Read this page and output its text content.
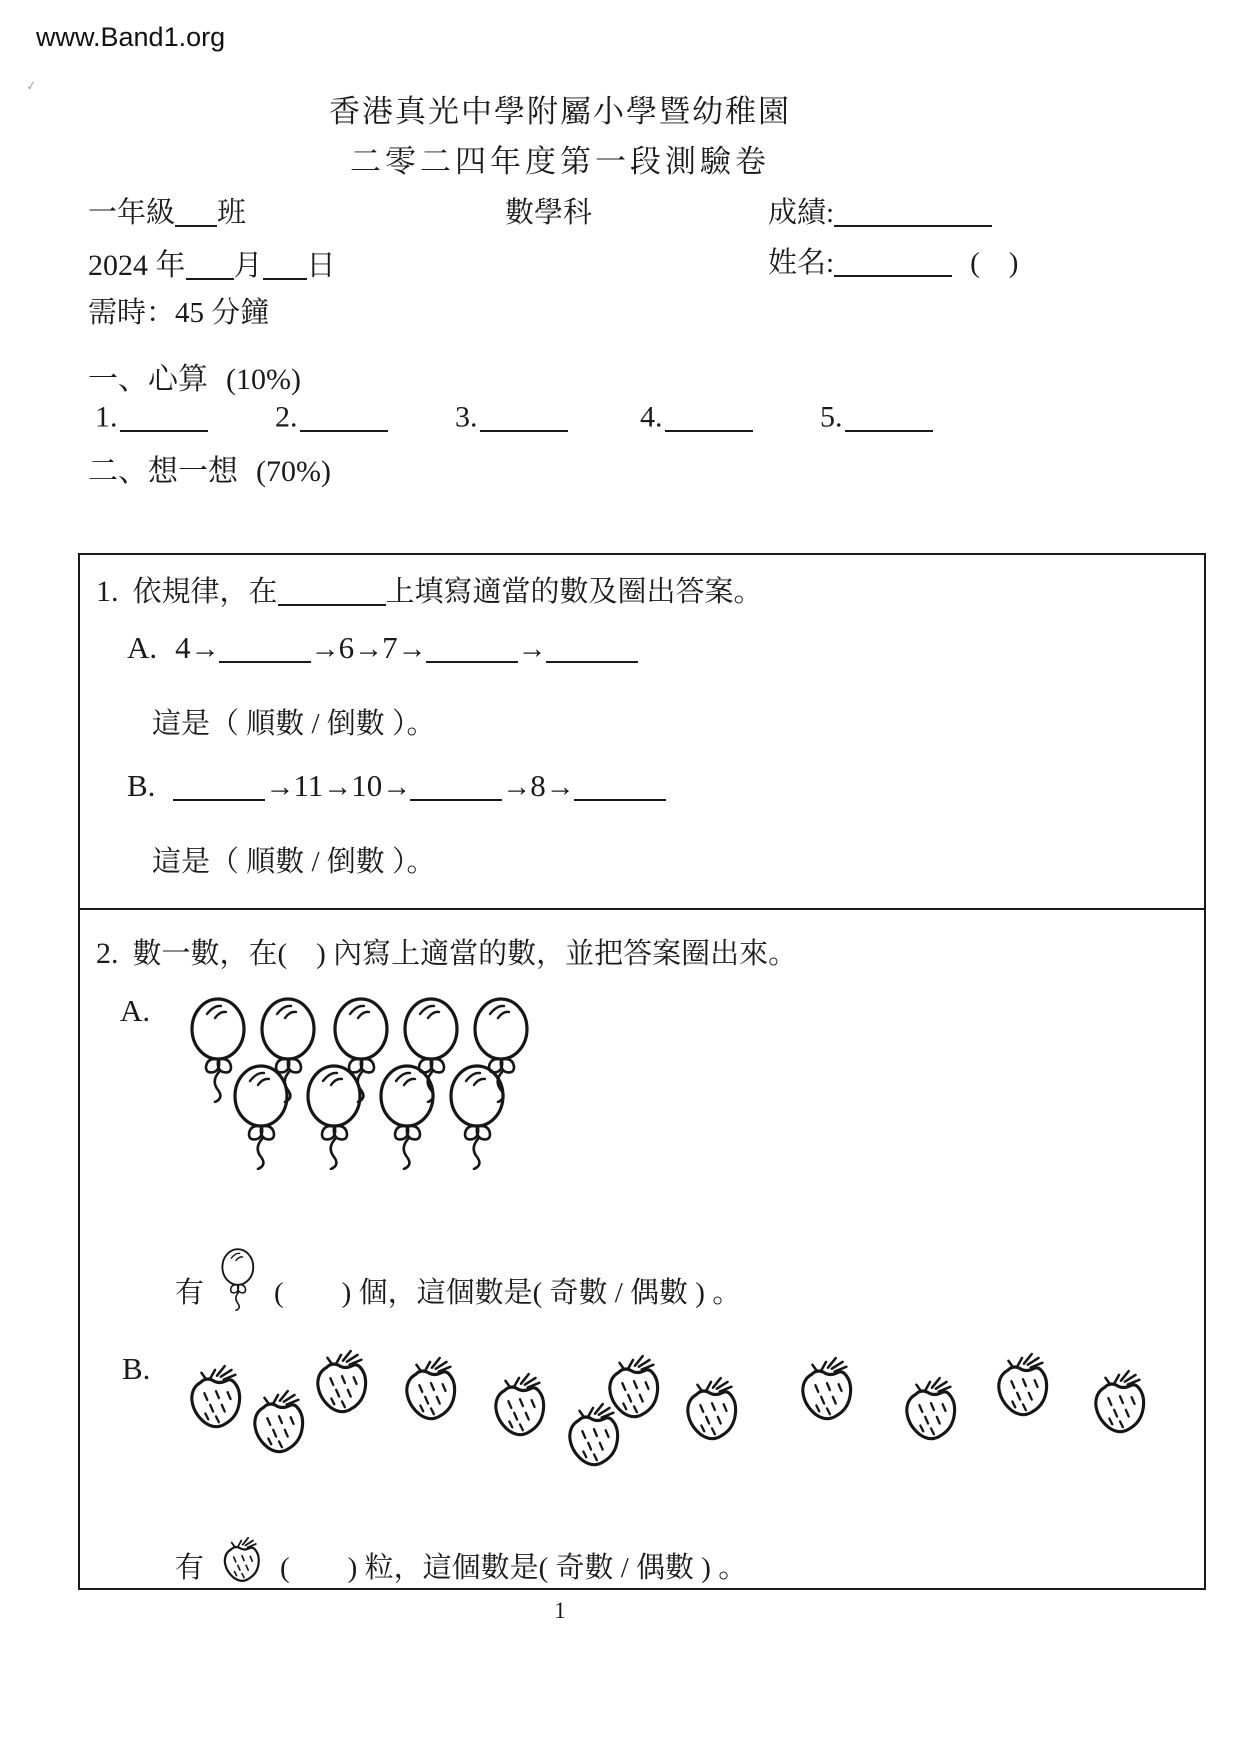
www.Band1.org
✓
香港真光中學附屬小學暨幼稚園
二零二四年度第一段測驗卷
一年級 班	數學科	成績:
2024 年 月 日	姓名:	(　)
需時：45 分鐘
一、心算 (10%)
1.	2.	3.	4.	5.
二、想一想 (70%)
1. 依規律，在	上填寫適當的數及圈出答案。
A. 4 →	→ 6 → 7 →	→
這是（ 順數 / 倒數 ）。
B.	→ 11 → 10 →	→ 8 →
這是（ 順數 / 倒數 ）。
2. 數一數，在(　) 內寫上適當的數，並把答案圈出來。
A.
有 (　　) 個，這個數是( 奇數 / 偶數 ) 。
B.
有	(　　) 粒，這個數是( 奇數 / 偶數 ) 。
1
